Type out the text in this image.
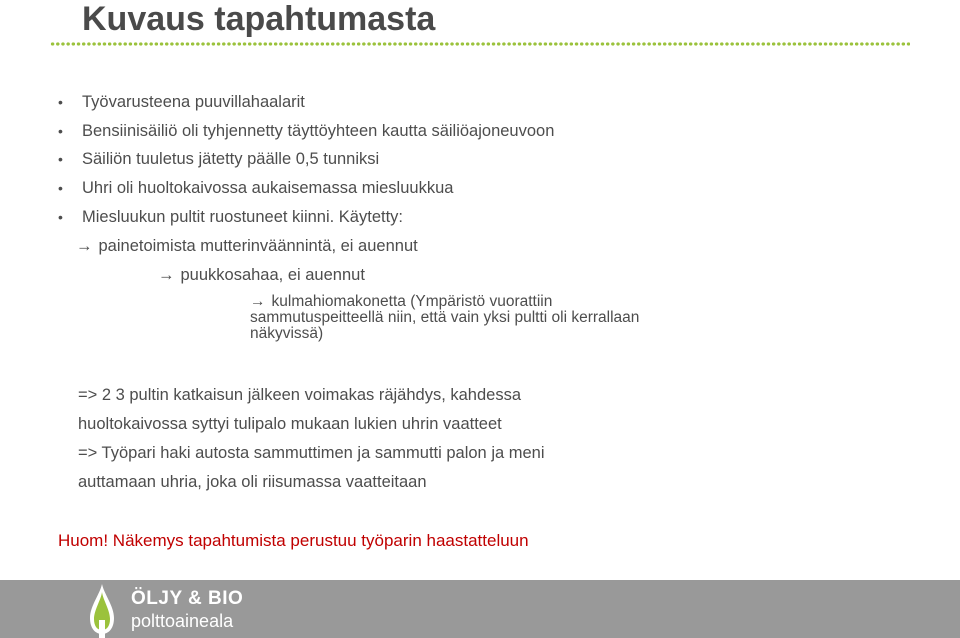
Kuvaus tapahtumasta
• Työvarusteena puuvillahaalarit
• Bensiinisäiliö oli tyhjennetty täyttöyhteen kautta säiliöajoneuvoon
• Säiliön tuuletus jätetty päälle 0,5 tunniksi
• Uhri oli huoltokaivossa aukaisemassa miesluukkua
• Miesluukun pultit ruostuneet kiinni. Käytetty:
→ painetoimista mutterinväännintä, ei auennut
→ puukkosahaa, ei auennut
→ kulmahiomakonetta (Ympäristö vuorattiin
sammutuspeitteellä niin, että vain yksi pultti oli kerrallaan
näkyvissä)
=> 2 3 pultin katkaisun jälkeen voimakas räjähdys, kahdessa
huoltokaivossa syttyi tulipalo mukaan lukien uhrin vaatteet
=> Työpari haki autosta sammuttimen ja sammutti palon ja meni
auttamaan uhria, joka oli riisumassa vaatteitaan
Huom! Näkemys tapahtumista perustuu työparin haastatteluun
ÖLJY & BIO
polttoaineala
